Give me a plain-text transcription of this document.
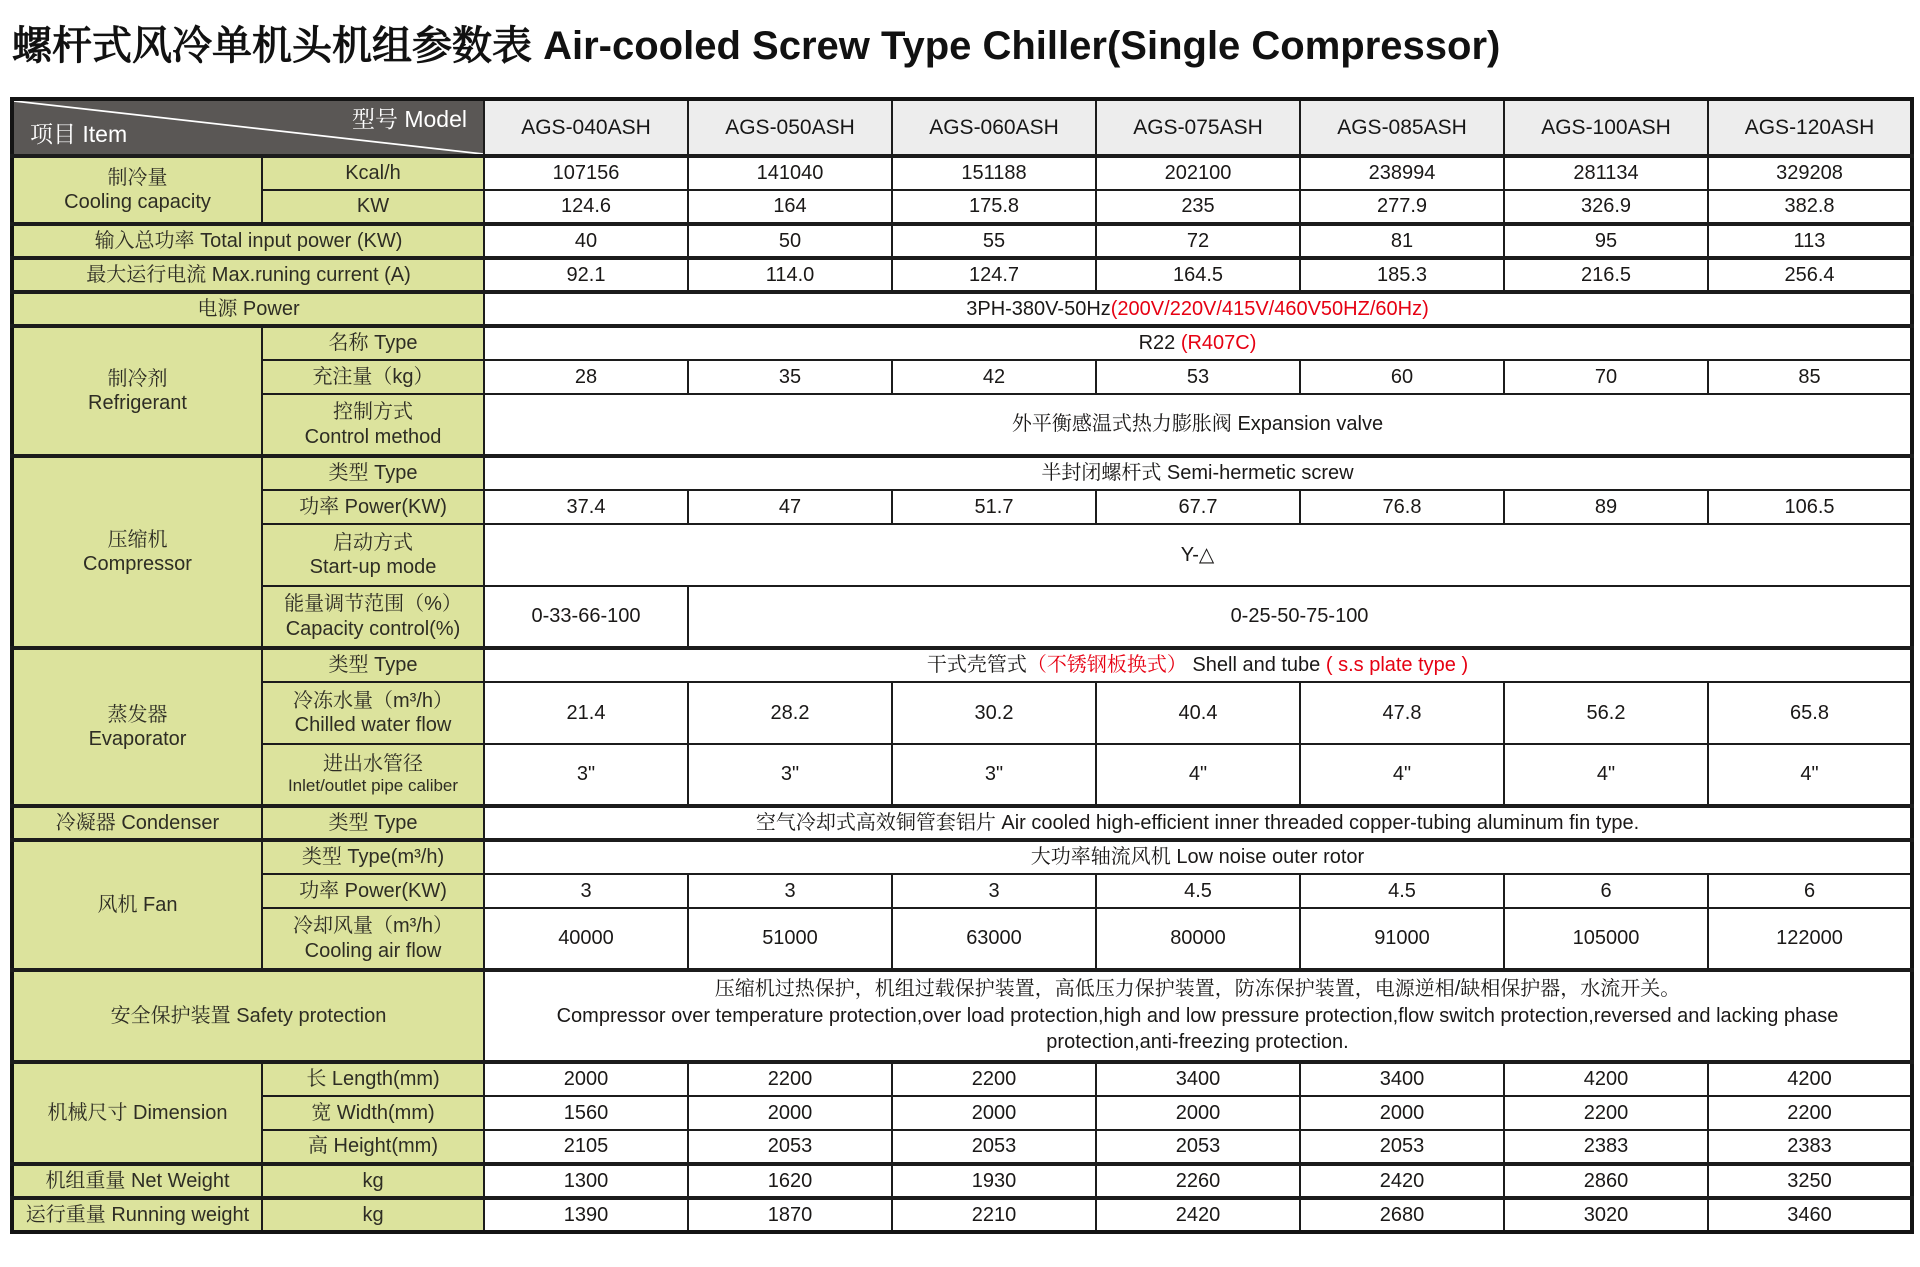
螺杆式风冷单机头机组参数表 Air-cooled Screw Type Chiller(Single Compressor)
型号 Model
项目 Item		AGS-040ASH	AGS-050ASH	AGS-060ASH	AGS-075ASH	AGS-085ASH	AGS-100ASH	AGS-120ASH

制冷量
Cooling capacity	Kcal/h	107156	141040	151188	202100	238994	281134	329208
	KW	124.6	164	175.8	235	277.9	326.9	382.8
输入总功率 Total input power (KW)		40	50	55	72	81	95	113
最大运行电流 Max.runing current (A)		92.1	114.0	124.7	164.5	185.3	216.5	256.4
电源 Power		3PH-380V-50Hz(200V/220V/415V/460V50HZ/60Hz)						

制冷剂
Refrigerant	名称 Type	R22 (R407C)						
	充注量（kg）	28	35	42	53	60	70	85

	控制方式
Control method	外平衡感温式热力膨胀阀 Expansion valve						

压缩机
Compressor	类型 Type	半封闭螺杆式 Semi-hermetic screw						
	功率 Power(KW)	37.4	47	51.7	67.7	76.8	89	106.5

	启动方式
Start-up mode	Y-△						

	能量调节范围（%）
Capacity control(%)	0-33-66-100	0-25-50-75-100					

蒸发器
Evaporator	类型 Type	干式壳管式（不锈钢板换式） Shell and tube ( s.s plate type )						

	冷冻水量（m³/h）
Chilled water flow	21.4	28.2	30.2	40.4	47.8	56.2	65.8

	进出水管径
Inlet/outlet pipe caliber	3"	3"	3"	4"	4"	4"	4"
冷凝器 Condenser	类型 Type	空气冷却式高效铜管套铝片 Air cooled high-efficient inner threaded copper-tubing aluminum fin type.						
风机 Fan	类型 Type(m³/h)	大功率轴流风机 Low noise outer rotor						
	功率 Power(KW)	3	3	3	4.5	4.5	6	6

	冷却风量（m³/h）
Cooling air flow	40000	51000	63000	80000	91000	105000	122000
安全保护装置 Safety protection		压缩机过热保护，机组过载保护装置，高低压力保护装置，防冻保护装置，电源逆相/缺相保护器，水流开关。
Compressor over temperature protection,over load protection,high and low pressure protection,flow switch protection,reversed and lacking phase protection,anti-freezing protection.						

机械尺寸 Dimension	长 Length(mm)	2000	2200	2200	3400	3400	4200	4200
	宽 Width(mm)	1560	2000	2000	2000	2000	2200	2200
	高 Height(mm)	2105	2053	2053	2053	2053	2383	2383
机组重量 Net Weight	kg	1300	1620	1930	2260	2420	2860	3250
运行重量 Running weight	kg	1390	1870	2210	2420	2680	3020	3460
